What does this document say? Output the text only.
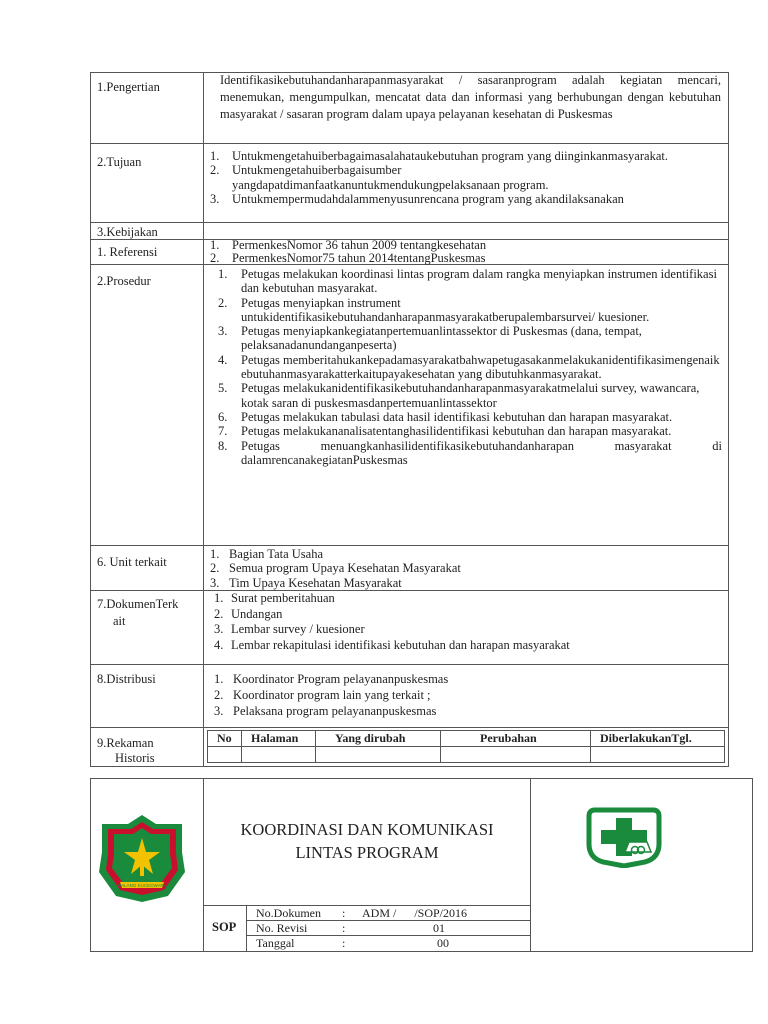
1.Pengertian	Identifikasikebutuhandanharapanmasyarakat / sasaranprogram adalah kegiatan mencari, menemukan, mengumpulkan, mencatat data dan informasi yang berhubungan dengan kebutuhan masyarakat / sasaran program dalam upaya pelayanan kesehatan di Puskesmas
2.Tujuan	1. Untukmengetahuiberbagaimasalahataukebutuhan program yang diinginkanmasyarakat.
2. Untukmengetahuiberbagaisumber yangdapatdimanfaatkanuntukmendukungpelaksanaan program.
3. Untukmempermudahdalammenyusunrencana program yang akandilaksanakan
3.Kebijakan
1. Referensi	1. PermenkesNomor 36 tahun 2009 tentangkesehatan
2. PermenkesNomor75 tahun 2014tentangPuskesmas
2.Prosedur	1. Petugas melakukan koordinasi lintas program dalam rangka menyiapkan instrumen identifikasi dan kebutuhan masyarakat.
2. Petugas menyiapkan instrument untukidentifikasikebutuhandanharapanmasyarakatberupalembarsurvei/ kuesioner.
3. Petugas menyiapkankegiatanpertemuanlintassektor di Puskesmas (dana, tempat, pelaksanadanundanganpeserta)
4. Petugas memberitahukankepadamasyarakatbahwapetugasakanmelakukanidentifikasimengenaikebutuhanmasyarakatterkaitupayakesehatan yang dibutuhkanmasyarakat.
5. Petugas melakukanidentifikasikebutuhandanharapanmasyarakatmelalui survey, wawancara, kotak saran di puskesmasdanpertemuanlintassektor
6. Petugas melakukan tabulasi data hasil identifikasi kebutuhan dan harapan masyarakat.
7. Petugas melakukananalisatentanghasilidentifikasi kebutuhan dan harapan masyarakat.
8. Petugas menuangkanhasilidentifikasikebutuhandanharapan masyarakat di dalamrencanakegiatanPuskesmas
6. Unit terkait
1. Bagian Tata Usaha
2. Semua program Upaya Kesehatan Masyarakat
3. Tim Upaya Kesehatan Masyarakat
7.DokumenTerk
ait
1. Surat pemberitahuan
2. Undangan
3. Lembar survey / kuesioner
4. Lembar rekapitulasi identifikasi kebutuhan dan harapan masyarakat
8.Distribusi	1. Koordinator Program pelayananpuskesmas
2. Koordinator program lain yang terkait ;
3. Pelaksana program pelayananpuskesmas
9.Rekaman
Historis
No Halaman	Yang dirubah	Perubahan	DiberlakukanTgl.
MALANG KUCECWARA
KOORDINASI DAN KOMUNIKASI
LINTAS PROGRAM
SOP
No.Dokumen : ADM /      /SOP/2016
No. Revisi	:	01
Tanggal	:	00
